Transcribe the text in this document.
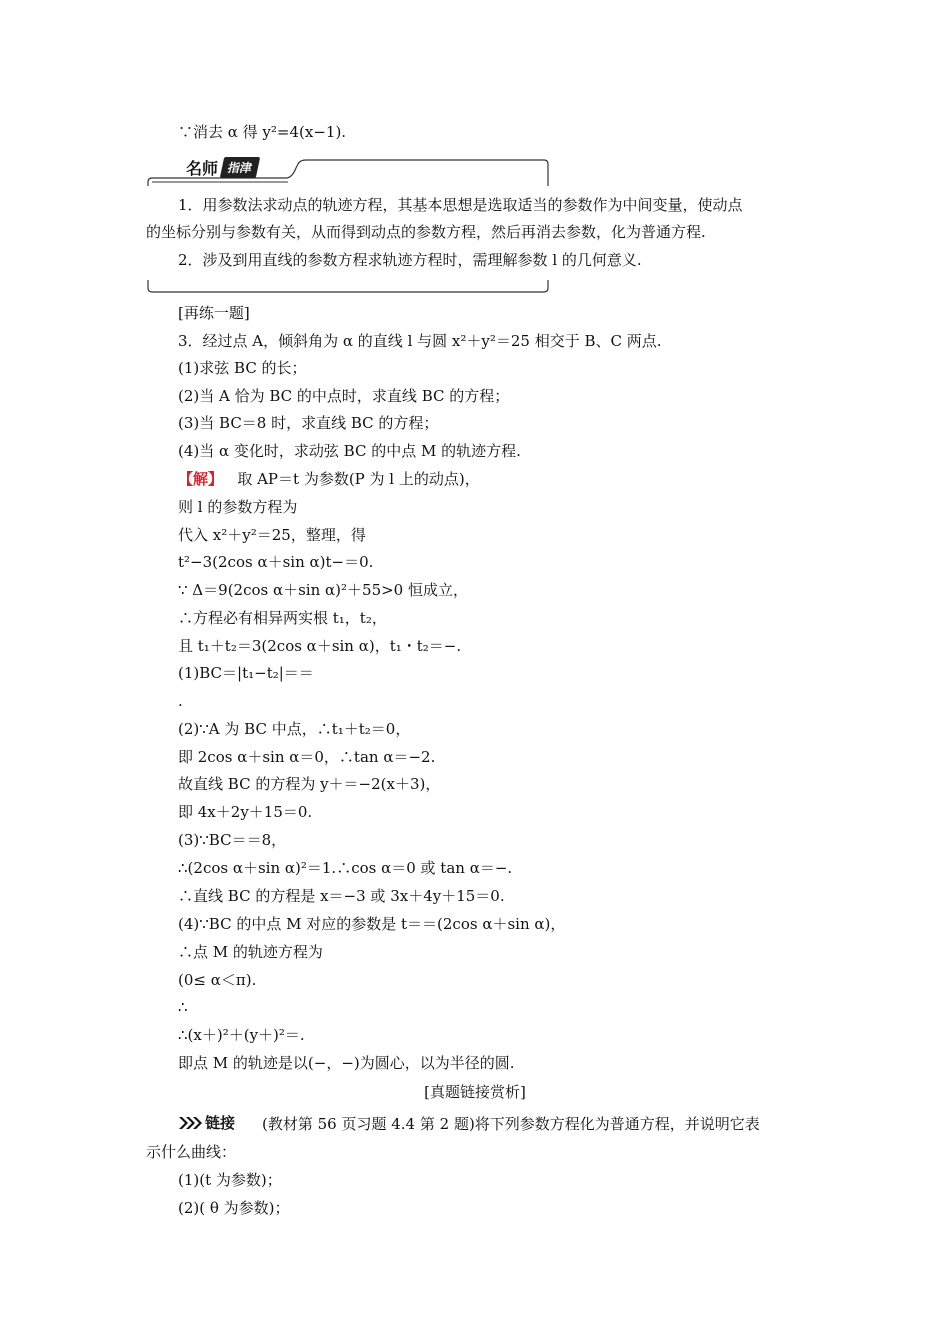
∵消去 α 得 y²=4(x−1).
名师 指津
1．用参数法求动点的轨迹方程，其基本思想是选取适当的参数作为中间变量，使动点
的坐标分别与参数有关，从而得到动点的参数方程，然后再消去参数，化为普通方程.
2．涉及到用直线的参数方程求轨迹方程时，需理解参数 l 的几何意义.
[再练一题]
3．经过点 A，倾斜角为 α 的直线 l 与圆 x²＋y²＝25 相交于 B、C 两点.
(1)求弦 BC 的长；
(2)当 A 恰为 BC 的中点时，求直线 BC 的方程；
(3)当 BC＝8 时，求直线 BC 的方程；
(4)当 α 变化时，求动弦 BC 的中点 M 的轨迹方程.
【解】 取 AP＝t 为参数(P 为 l 上的动点)，
则 l 的参数方程为
代入 x²＋y²＝25，整理，得
t²−3(2cos α＋sin α)t−＝0.
∵ Δ＝9(2cos α＋sin α)²＋55>0 恒成立，
∴方程必有相异两实根 t₁，t₂，
且 t₁＋t₂＝3(2cos α＋sin α)，t₁・t₂＝−.
(1)BC＝|t₁−t₂|＝＝
.
(2)∵A 为 BC 中点，∴t₁＋t₂＝0，
即 2cos α＋sin α＝0，∴tan α＝−2.
故直线 BC 的方程为 y＋＝−2(x＋3)，
即 4x＋2y＋15＝0.
(3)∵BC＝＝8，
∴(2cos α＋sin α)²＝1.∴cos α＝0 或 tan α＝−.
∴直线 BC 的方程是 x＝−3 或 3x＋4y＋15＝0.
(4)∵BC 的中点 M 对应的参数是 t＝＝(2cos α＋sin α)，
∴点 M 的轨迹方程为
(0≤ α＜π).
∴
∴(x＋)²＋(y＋)²＝.
即点 M 的轨迹是以(−，−)为圆心，以为半径的圆.
[真题链接赏析]
链接 (教材第 56 页习题 4.4 第 2 题)将下列参数方程化为普通方程，并说明它表
示什么曲线：
(1)(t 为参数)；
(2)( θ 为参数)；
